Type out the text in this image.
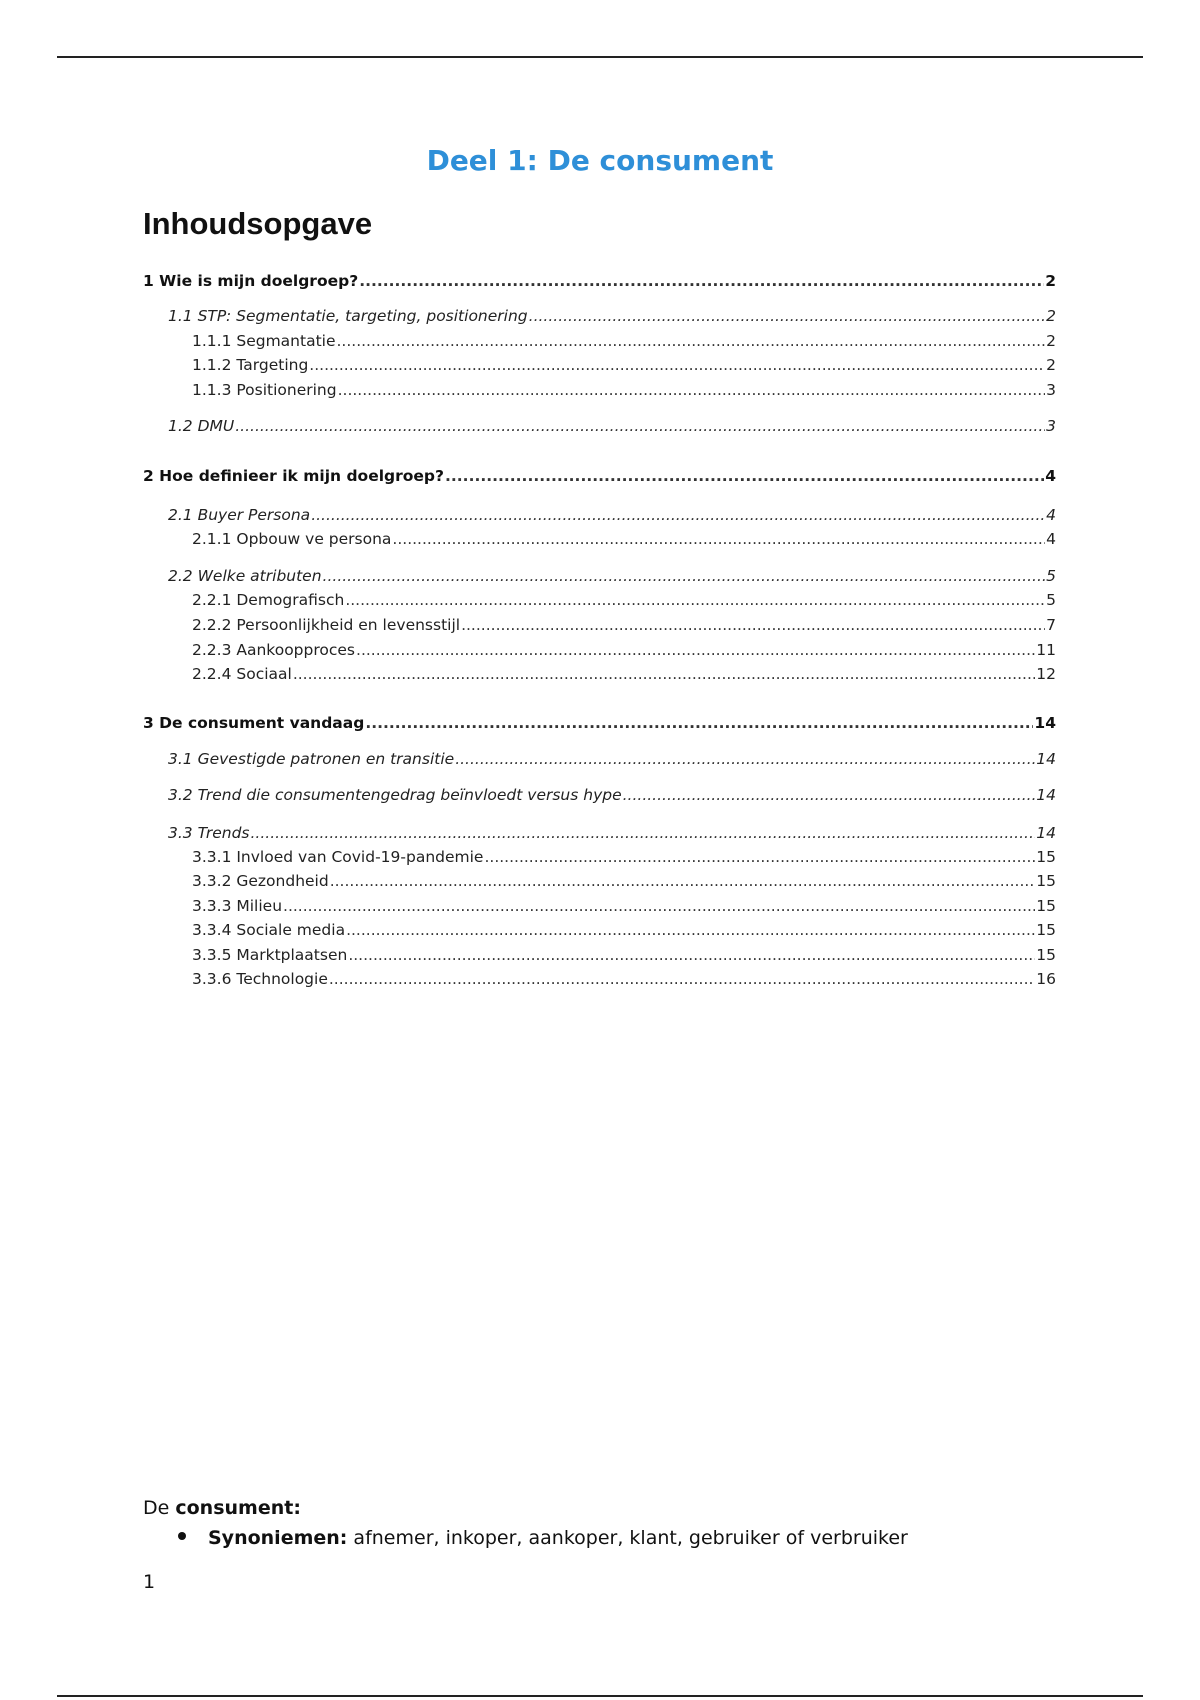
Deel 1: De consument
Inhoudsopgave
1 Wie is mijn doelgroep? .....	2
1.1 STP: Segmentatie, targeting, positionering .....	2
1.1.1 Segmantatie .....	2
1.1.2 Targeting .....	2
1.1.3 Positionering .....	3
1.2 DMU .....	3
2 Hoe definieer ik mijn doelgroep? .....	4
2.1 Buyer Persona .....	4
2.1.1 Opbouw ve persona .....	4
2.2 Welke atributen .....	5
2.2.1 Demografisch .....	5
2.2.2 Persoonlijkheid en levensstijl .....	7
2.2.3 Aankoopproces .....	11
2.2.4 Sociaal .....	12
3 De consument vandaag .....	14
3.1 Gevestigde patronen en transitie .....	14
3.2 Trend die consumentengedrag beïnvloedt versus hype .....	14
3.3 Trends .....	14
3.3.1 Invloed van Covid-19-pandemie .....	15
3.3.2 Gezondheid .....	15
3.3.3 Milieu .....	15
3.3.4 Sociale media .....	15
3.3.5 Marktplaatsen .....	15
3.3.6 Technologie .....	16
De consument:
Synoniemen: afnemer, inkoper, aankoper, klant, gebruiker of verbruiker
1
